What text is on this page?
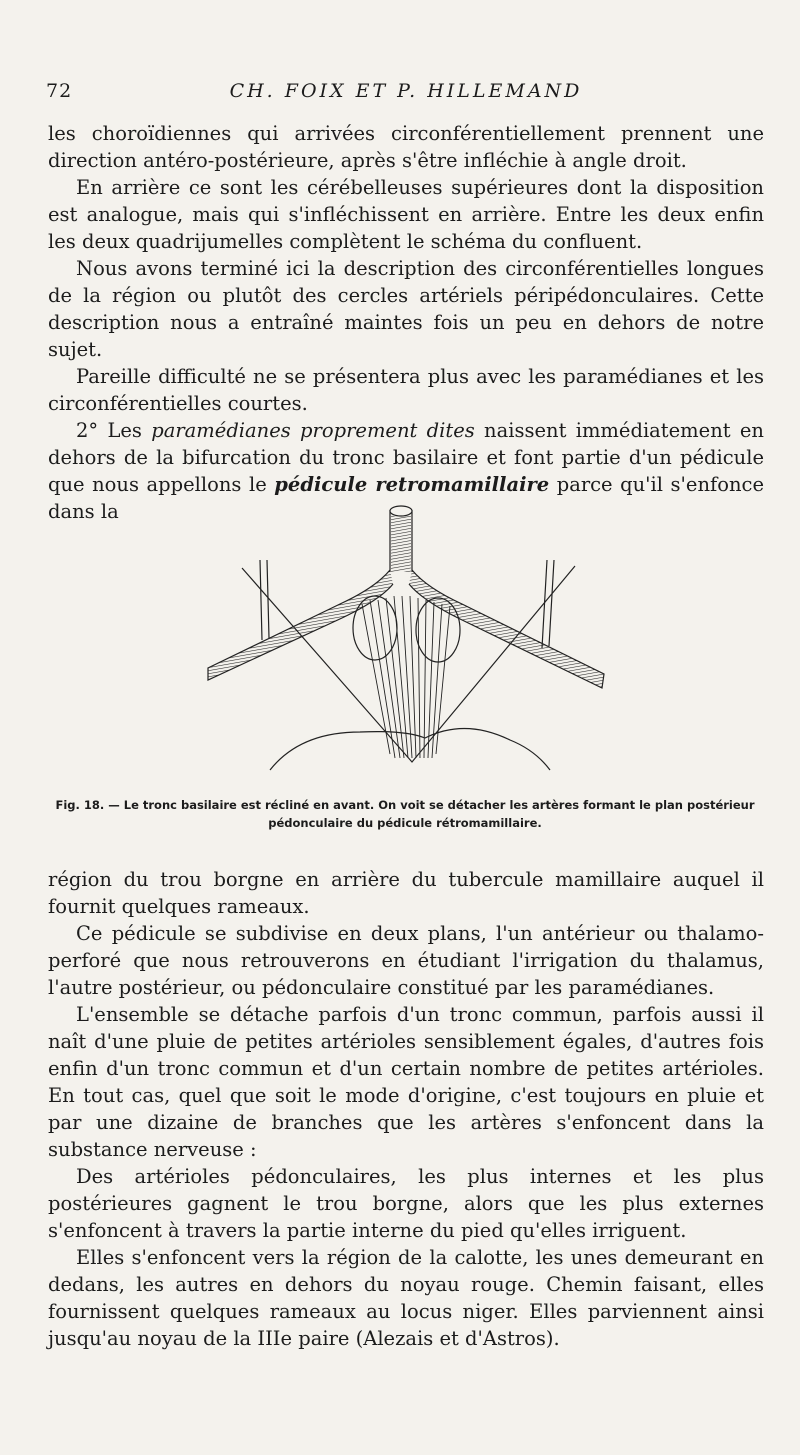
72	CH. FOIX ET P. HILLEMAND

les choroïdiennes qui arrivées circonférentiellement prennent une direction antéro-postérieure, après s'être infléchie à angle droit.

En arrière ce sont les cérébelleuses supérieures dont la disposition est analogue, mais qui s'infléchissent en arrière. Entre les deux enfin les deux quadrijumelles complètent le schéma du confluent.

Nous avons terminé ici la description des circonférentielles longues de la région ou plutôt des cercles artériels péripédonculaires. Cette description nous a entraîné maintes fois un peu en dehors de notre sujet.

Pareille difficulté ne se présentera plus avec les paramédianes et les circonférentielles courtes.

2° Les paramédianes proprement dites naissent immédiatement en dehors de la bifurcation du tronc basilaire et font partie d'un pédicule que nous appellons le pédicule retromamillaire parce qu'il s'enfonce dans la

Fig. 18. — Le tronc basilaire est récliné en avant. On voit se détacher les artères formant le plan postérieur
pédonculaire du pédicule rétromamillaire.

région du trou borgne en arrière du tubercule mamillaire auquel il fournit quelques rameaux.

Ce pédicule se subdivise en deux plans, l'un antérieur ou thalamo-perforé que nous retrouverons en étudiant l'irrigation du thalamus, l'autre postérieur, ou pédonculaire constitué par les paramédianes.

L'ensemble se détache parfois d'un tronc commun, parfois aussi il naît d'une pluie de petites artérioles sensiblement égales, d'autres fois enfin d'un tronc commun et d'un certain nombre de petites artérioles. En tout cas, quel que soit le mode d'origine, c'est toujours en pluie et par une dizaine de branches que les artères s'enfoncent dans la substance nerveuse :

Des artérioles pédonculaires, les plus internes et les plus postérieures gagnent le trou borgne, alors que les plus externes s'enfoncent à travers la partie interne du pied qu'elles irriguent.

Elles s'enfoncent vers la région de la calotte, les unes demeurant en dedans, les autres en dehors du noyau rouge. Chemin faisant, elles fournissent quelques rameaux au locus niger. Elles parviennent ainsi jusqu'au noyau de la IIIe paire (Alezais et d'Astros).
